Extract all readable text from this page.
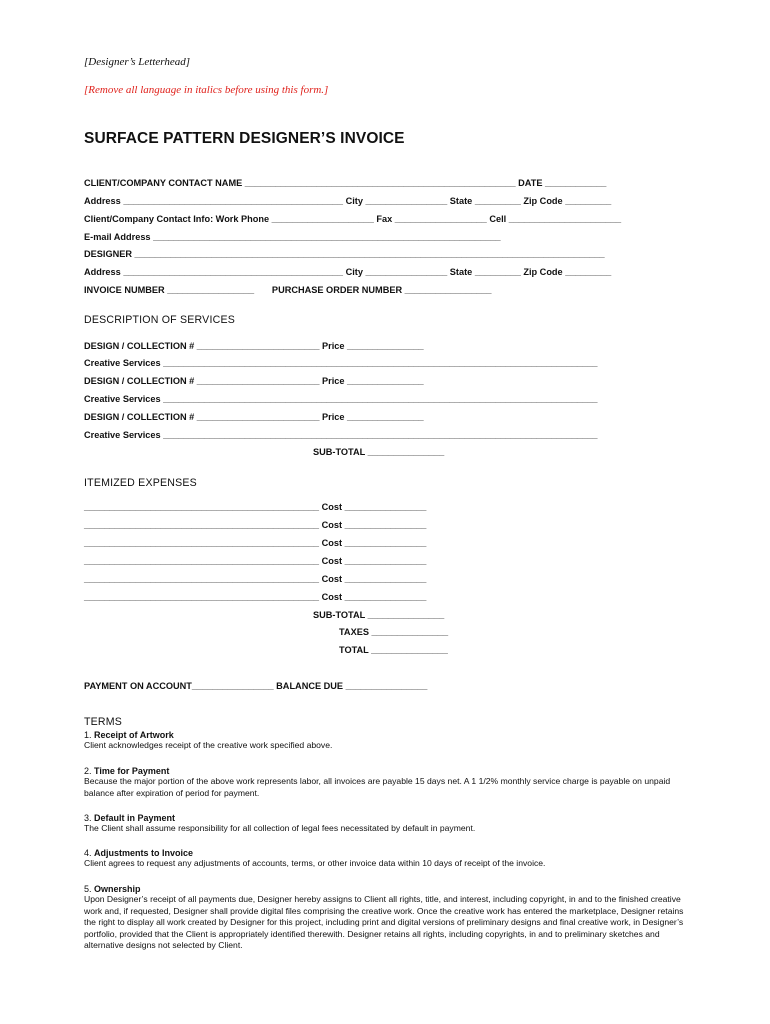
[Designer’s Letterhead]
[Remove all language in italics before using this form.]
SURFACE PATTERN DESIGNER’S INVOICE
CLIENT/COMPANY CONTACT NAME _____________________________________________________ DATE ____________
Address ___________________________________________ City ________________ State _________ Zip Code _________
Client/Company Contact Info: Work Phone ____________________ Fax __________________ Cell ______________________
E-mail Address ____________________________________________________________________
DESIGNER ____________________________________________________________________________________________
Address ___________________________________________ City ________________ State _________ Zip Code _________
INVOICE NUMBER _________________       PURCHASE ORDER NUMBER _________________
DESCRIPTION OF SERVICES
DESIGN / COLLECTION # ________________________ Price _______________
Creative Services _____________________________________________________________________________________
DESIGN / COLLECTION # ________________________ Price _______________
Creative Services _____________________________________________________________________________________
DESIGN / COLLECTION # ________________________ Price _______________
Creative Services _____________________________________________________________________________________
SUB-TOTAL _______________
ITEMIZED EXPENSES
______________________________________________ Cost ________________
______________________________________________ Cost ________________
______________________________________________ Cost ________________
______________________________________________ Cost ________________
______________________________________________ Cost ________________
______________________________________________ Cost ________________
SUB-TOTAL _______________
TAXES _______________
TOTAL _______________
PAYMENT ON ACCOUNT________________ BALANCE DUE ________________
TERMS
1. Receipt of Artwork
Client acknowledges receipt of the creative work specified above.
2. Time for Payment
Because the major portion of the above work represents labor, all invoices are payable 15 days net. A 1 1/2% monthly service charge is payable on unpaid balance after expiration of period for payment.
3. Default in Payment
The Client shall assume responsibility for all collection of legal fees necessitated by default in payment.
4. Adjustments to Invoice
Client agrees to request any adjustments of accounts, terms, or other invoice data within 10 days of receipt of the invoice.
5. Ownership
Upon Designer’s receipt of all payments due, Designer hereby assigns to Client all rights, title, and interest, including copyright, in and to the finished creative work and, if requested, Designer shall provide digital files comprising the creative work. Once the creative work has entered the marketplace, Designer retains the right to display all work created by Designer for this project, including print and digital versions of preliminary designs and final creative work, in Designer’s portfolio, provided that the Client is appropriately identified therewith. Designer retains all rights, including copyrights, in and to preliminary sketches and alternative designs not selected by Client.
